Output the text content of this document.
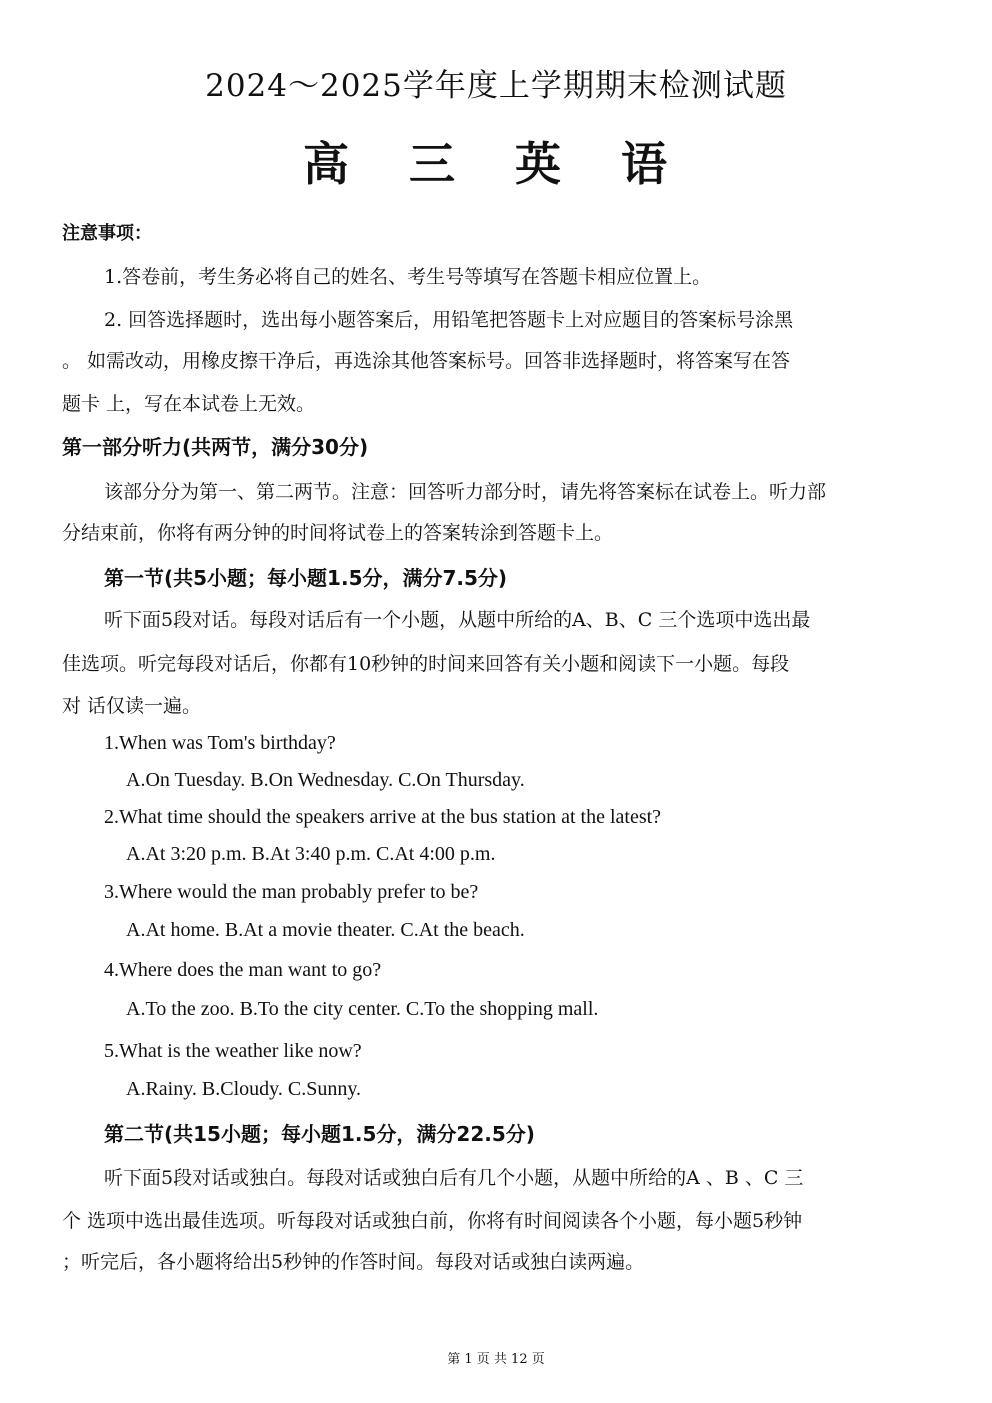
2024～2025学年度上学期期末检测试题
高 三 英 语
注意事项：
1.答卷前，考生务必将自己的姓名、考生号等填写在答题卡相应位置上。
2. 回答选择题时，选出每小题答案后，用铅笔把答题卡上对应题目的答案标号涂黑
。 如需改动，用橡皮擦干净后，再选涂其他答案标号。回答非选择题时，将答案写在答
题卡 上，写在本试卷上无效。
第一部分听力(共两节，满分30分)
该部分分为第一、第二两节。注意：回答听力部分时，请先将答案标在试卷上。听力部
分结束前，你将有两分钟的时间将试卷上的答案转涂到答题卡上。
第一节(共5小题；每小题1.5分，满分7.5分)
听下面5段对话。每段对话后有一个小题，从题中所给的A、B、C 三个选项中选出最
佳选项。听完每段对话后，你都有10秒钟的时间来回答有关小题和阅读下一小题。每段
对 话仅读一遍。
1.When was Tom's birthday?
A.On Tuesday. B.On Wednesday. C.On Thursday.
2.What time should the speakers arrive at the bus station at the latest?
A.At 3:20 p.m. B.At 3:40 p.m. C.At 4:00 p.m.
3.Where would the man probably prefer to be?
A.At home. B.At a movie theater. C.At the beach.
4.Where does the man want to go?
A.To the zoo. B.To the city center. C.To the shopping mall.
5.What is the weather like now?
A.Rainy. B.Cloudy. C.Sunny.
第二节(共15小题；每小题1.5分，满分22.5分)
听下面5段对话或独白。每段对话或独白后有几个小题，从题中所给的A 、B 、C 三
个 选项中选出最佳选项。听每段对话或独白前，你将有时间阅读各个小题，每小题5秒钟
；听完后，各小题将给出5秒钟的作答时间。每段对话或独白读两遍。
第 1 页 共 12 页
